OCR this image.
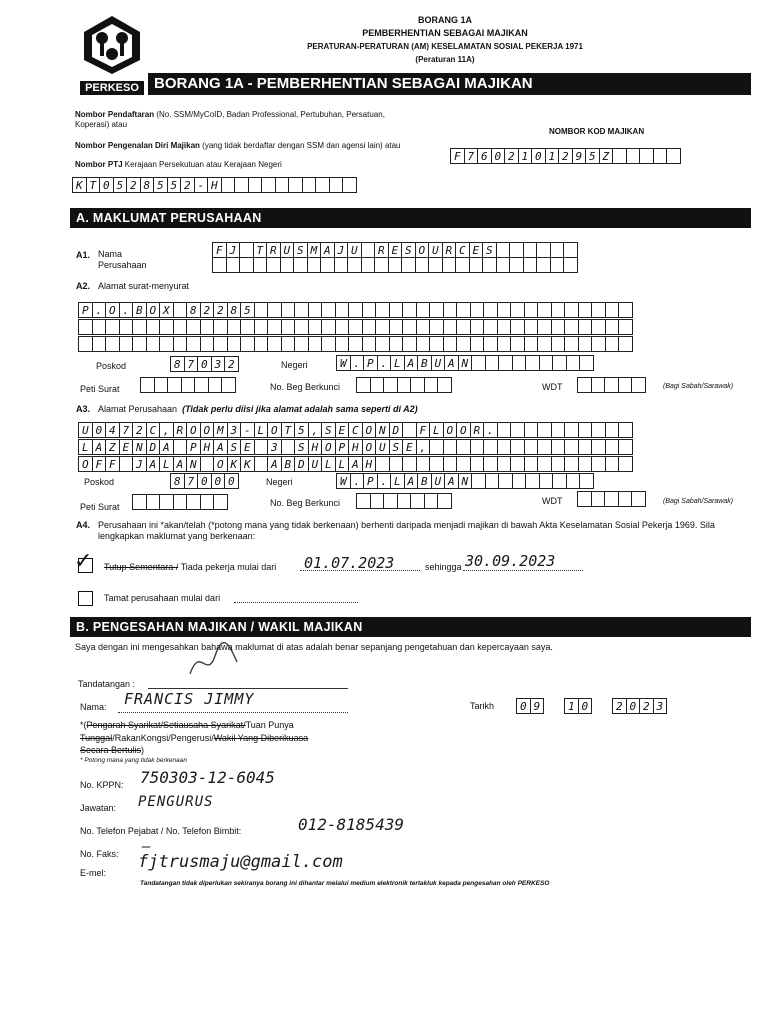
PERKESO
BORANG 1A
PEMBERHENTIAN SEBAGAI MAJIKAN
PERATURAN-PERATURAN (AM) KESELAMATAN SOSIAL PEKERJA 1971
(Peraturan 11A)
BORANG 1A - PEMBERHENTIAN SEBAGAI MAJIKAN
Nombor Pendaftaran (No. SSM/MyCoID, Badan Professional, Pertubuhan, Persatuan, Koperasi) atau
Nombor Pengenalan Diri Majikan (yang tidak berdaftar dengan SSM dan agensi lain) atau
Nombor PTJ Kerajaan Persekutuan atau Kerajaan Negeri
NOMBOR KOD MAJIKAN
F 7 6 0 2 1 0 1 2 9 5 Z
K T 0 5 2 8 5 5 2 - H
A. MAKLUMAT PERUSAHAAN
A1. Nama
Perusahaan
F J	T R U S M A J U	R E S O U R C E S
A2. Alamat surat-menyurat
P . O . B O X	8 2 2 8 5
Poskod	8 7 0 3 2	Negeri	W . P . L A B U A N
Peti Surat	No. Beg Berkunci	WDT	(Bagi Sabah/Sarawak)
A3. Alamat Perusahaan (Tidak perlu diisi jika alamat adalah sama seperti di A2)
U 0 4 7 2 C , R O O M 3 - L O T 5 , S E C O N D	F L O O R .
L A Z E N D A	P H A S E	3	S H O P H O U S E ,
O F F	J A L A N	O K K	A B D U L L A H
Poskod	8 7 0 0 0	Negeri	W . P . L A B U A N
Peti Surat	No. Beg Berkunci	WDT	(Bagi Sabah/Sarawak)
A4. Perusahaan ini *akan/telah (*potong mana yang tidak berkenaan) berhenti daripada menjadi majikan di bawah Akta Keselamatan Sosial Pekerja 1969. Sila lengkapkan maklumat yang berkenaan:
✓ Tutup Sementara / Tiada pekerja mulai dari 01.07.2023	sehingga 30.09.2023
Tamat perusahaan mulai dari
B. PENGESAHAN MAJIKAN / WAKIL MAJIKAN
Saya dengan ini mengesahkan bahawa maklumat di atas adalah benar sepanjang pengetahuan dan kepercayaan saya.
Tandatangan :
Nama: FRANCIS JIMMY	Tarikh	0 9	1 0	2 0 2 3
*(Pengarah Syarikat/Setiausaha Syarikat/Tuan Punya
Tunggal/RakanKongsi/Pengerusi/Wakil Yang Diberikuasa
Secara Bertulis)
* Potong mana yang tidak berkenaan
No. KPPN: 750303-12-6045
Jawatan: PENGURUS
No. Telefon Pejabat / No. Telefon Bimbit:	012-8185439
No. Faks: —
E-mel:
fjtrusmaju@gmail.com
Tandatangan tidak diperlukan sekiranya borang ini dihantar melalui medium elektronik tertakluk kepada pengesahan oleh PERKESO
